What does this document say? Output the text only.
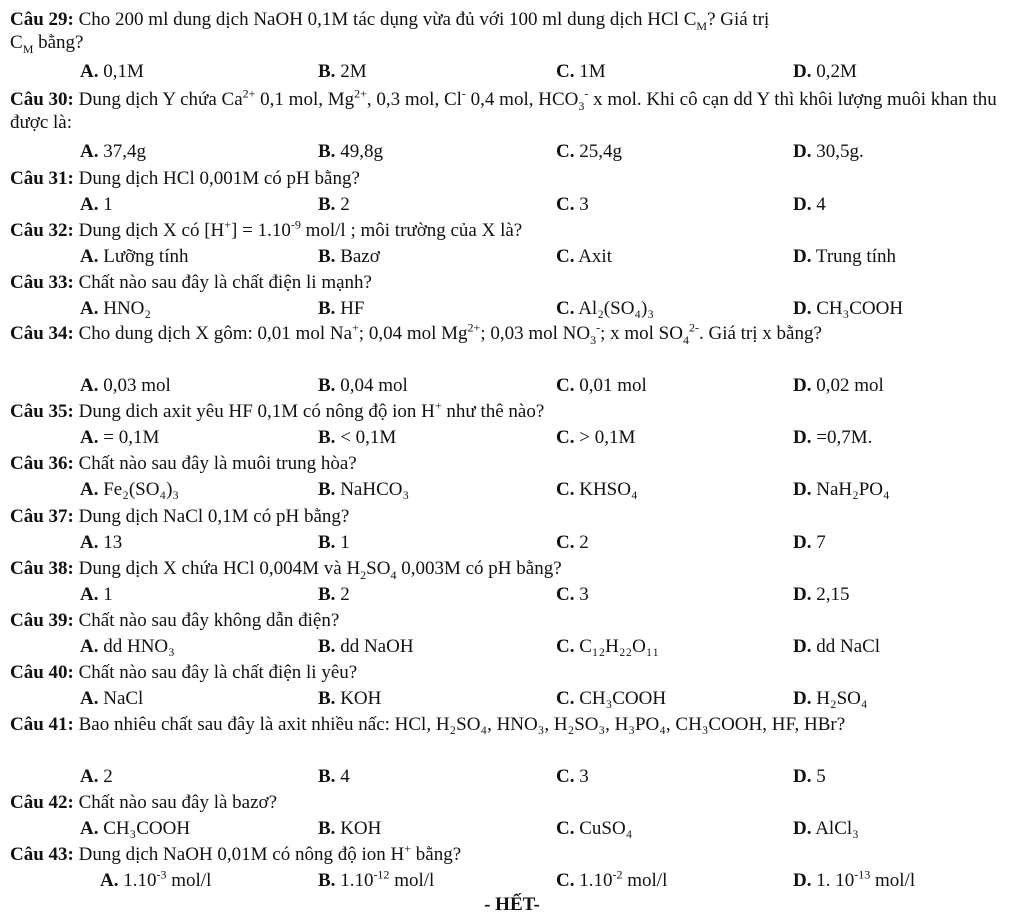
Câu 29: Cho 200 ml dung dịch NaOH 0,1M tác dụng vừa đủ với 100 ml dung dịch HCl $C_M$? Giá trị
$C_M$ bằng?
A. 0,1M	B. 2M	C. 1M	D. 0,2M
Câu 30: Dung dịch Y chứa $Ca^{2+}$ 0,1 mol, $Mg^{2+}$, 0,3 mol, Cl- 0,4 mol, $HCO_3^-$ x mol. Khi cô cạn dd Y thì khôi lượng muôi khan thu được là:
A. 37,4g	B. 49,8g	C. 25,4g	D. 30,5g.
Câu 31: Dung dịch HCl 0,001M có pH bằng?
A. 1	B. 2	C. 3	D. 4
Câu 32: Dung dịch X có $[H^+] = 1.10^{-9}$ mol/l ; môi trường của X là?
A. Lưỡng tính	B. Bazơ	C. Axit	D. Trung tính
Câu 33: Chất nào sau đây là chất điện li mạnh?
A. HNO₂	B. HF	C. Al₂(SO₄)₃	D. CH₃COOH
Câu 34: Cho dung dịch X gôm: 0,01 mol Na+; 0,04 mol $Mg^{2+}$; 0,03 mol $NO_3^-$; x mol $SO_4^{2-}$. Giá trị x bằng?
A. 0,03 mol	B. 0,04 mol	C. 0,01 mol	D. 0,02 mol
Câu 35: Dung dich axit yêu HF 0,1M có nông độ ion H+ như thê nào?
A. = 0,1M	B. < 0,1M	C. > 0,1M	D. =0,7M.
Câu 36: Chất nào sau đây là muôi trung hòa?
A. Fe₂(SO₄)₃	B. NaHCO₃	C. KHSO₄	D. NaH₂PO₄
Câu 37: Dung dịch NaCl 0,1M có pH bằng?
A. 13	B. 1	C. 2	D. 7
Câu 38: Dung dịch X chứa HCl 0,004M và $H_2SO_4$ 0,003M có pH bằng?
A. 1	B. 2	C. 3	D. 2,15
Câu 39: Chất nào sau đây không dẫn điện?
A. dd HNO₃	B. dd NaOH	C. C₁₂H₂₂O₁₁	D. dd NaCl
Câu 40: Chất nào sau đây là chất điện li yêu?
A. NaCl	B. KOH	C. CH₃COOH	D. H₂SO₄
Câu 41: Bao nhiêu chất sau đây là axit nhiều nấc: HCl, H₂SO₄, HNO₃, H₂SO₃, H₃PO₄, CH₃COOH, HF, HBr?
A. 2	B. 4	C. 3	D. 5
Câu 42: Chất nào sau đây là bazơ?
A. CH₃COOH	B. KOH	C. CuSO₄	D. AlCl₃
Câu 43: Dung dịch NaOH 0,01M có nông độ ion H+ bằng?
A. $1.10^{-3}$ mol/l	B. $1.10^{-12}$ mol/l	C. $1.10^{-2}$ mol/l	D. 1. $10^{-13}$ mol/l
- HẾT-
